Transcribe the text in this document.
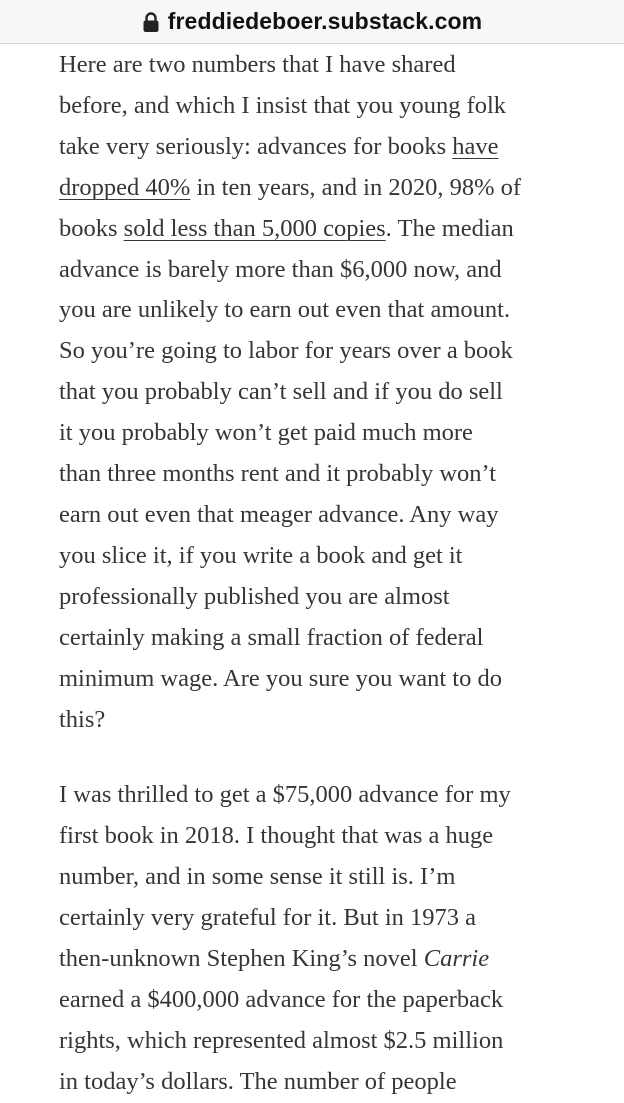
freddiedeboer.substack.com

Here are two numbers that I have shared
before, and which I insist that you young folk
take very seriously: advances for books have
dropped 40% in ten years, and in 2020, 98% of
books sold less than 5,000 copies. The median
advance is barely more than $6,000 now, and
you are unlikely to earn out even that amount.
So you’re going to labor for years over a book
that you probably can’t sell and if you do sell
it you probably won’t get paid much more
than three months rent and it probably won’t
earn out even that meager advance. Any way
you slice it, if you write a book and get it
professionally published you are almost
certainly making a small fraction of federal
minimum wage. Are you sure you want to do
this?

I was thrilled to get a $75,000 advance for my
first book in 2018. I thought that was a huge
number, and in some sense it still is. I’m
certainly very grateful for it. But in 1973 a
then-unknown Stephen King’s novel Carrie
earned a $400,000 advance for the paperback
rights, which represented almost $2.5 million
in today’s dollars. The number of people
